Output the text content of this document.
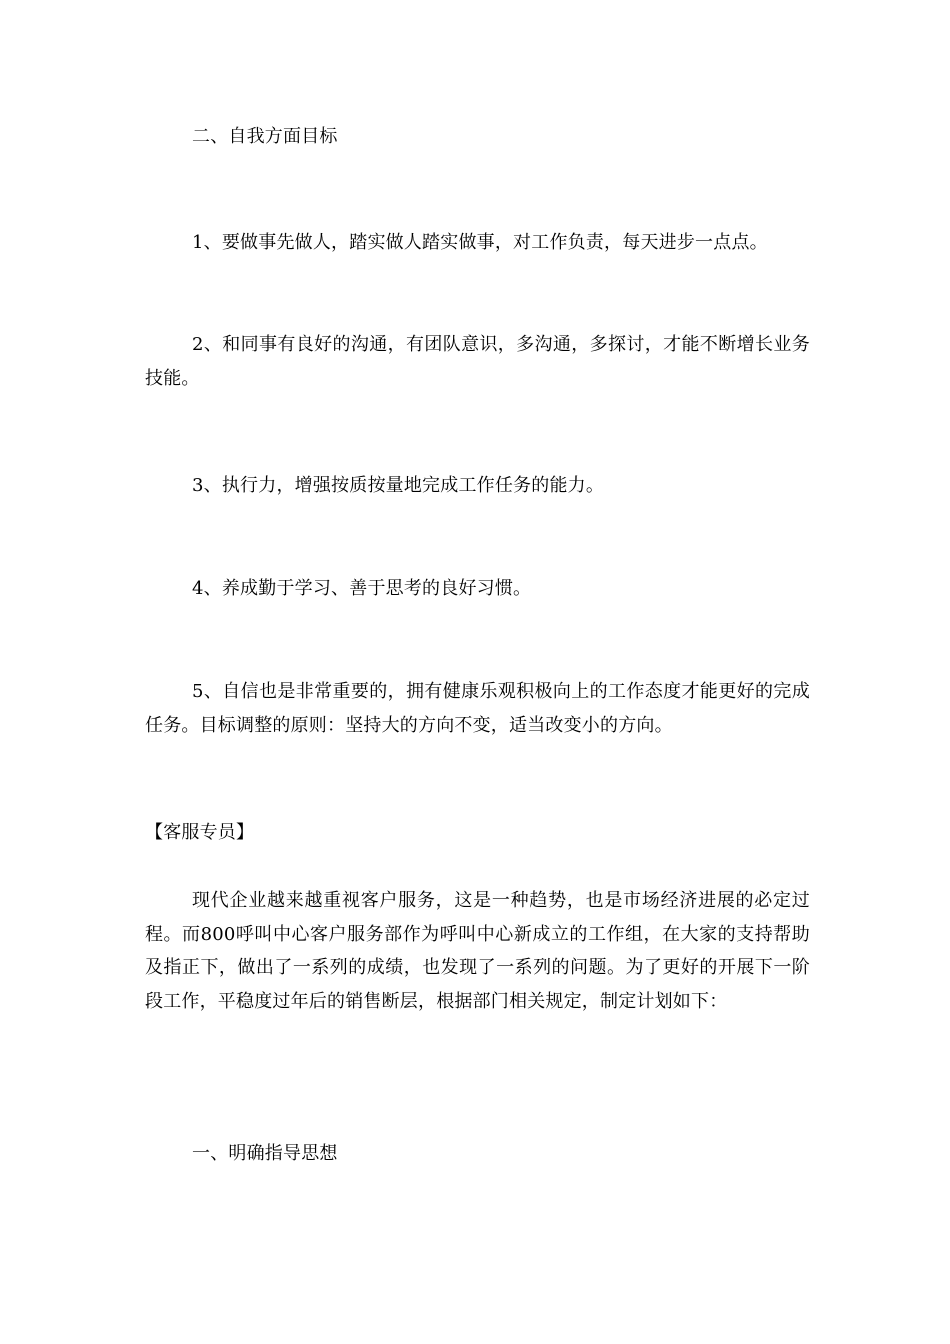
二、自我方面目标
1、要做事先做人，踏实做人踏实做事，对工作负责，每天进步一点点。
2、和同事有良好的沟通，有团队意识，多沟通，多探讨，才能不断增长业务技能。
3、执行力，增强按质按量地完成工作任务的能力。
4、养成勤于学习、善于思考的良好习惯。
5、自信也是非常重要的，拥有健康乐观积极向上的工作态度才能更好的完成任务。目标调整的原则：坚持大的方向不变，适当改变小的方向。
【客服专员】
现代企业越来越重视客户服务，这是一种趋势，也是市场经济进展的必定过程。而800呼叫中心客户服务部作为呼叫中心新成立的工作组，在大家的支持帮助及指正下，做出了一系列的成绩，也发现了一系列的问题。为了更好的开展下一阶段工作，平稳度过年后的销售断层，根据部门相关规定，制定计划如下：
一、明确指导思想
